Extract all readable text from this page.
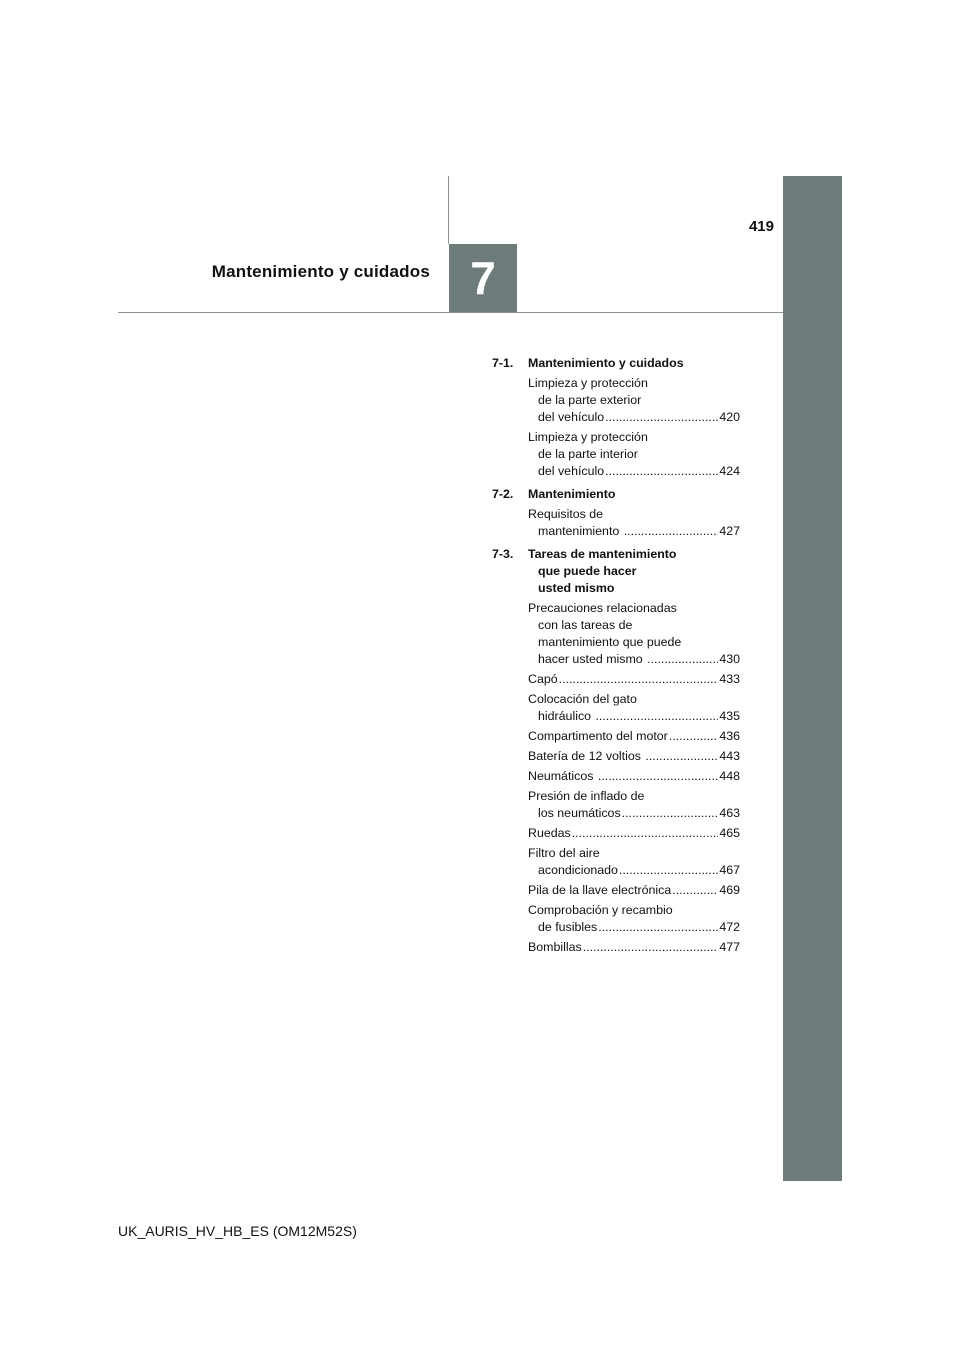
7
Mantenimiento y cuidados
419
7-1.	Mantenimiento y cuidados
Limpieza y protección
de la parte exterior
del vehículo .....	420
Limpieza y protección
de la parte interior
del vehículo .....	424
7-2.	Mantenimiento
Requisitos de
mantenimiento .....	427
7-3.	Tareas de mantenimiento
que puede hacer
usted mismo
Precauciones relacionadas
con las tareas de
mantenimiento que puede
hacer usted mismo .....	430
Capó .....	433
Colocación del gato
hidráulico .....	435
Compartimento del motor .....	436
Batería de 12 voltios .....	443
Neumáticos .....	448
Presión de inflado de
los neumáticos .....	463
Ruedas .....	465
Filtro del aire
acondicionado .....	467
Pila de la llave electrónica .....	469
Comprobación y recambio
de fusibles .....	472
Bombillas .....	477
UK_AURIS_HV_HB_ES (OM12M52S)
